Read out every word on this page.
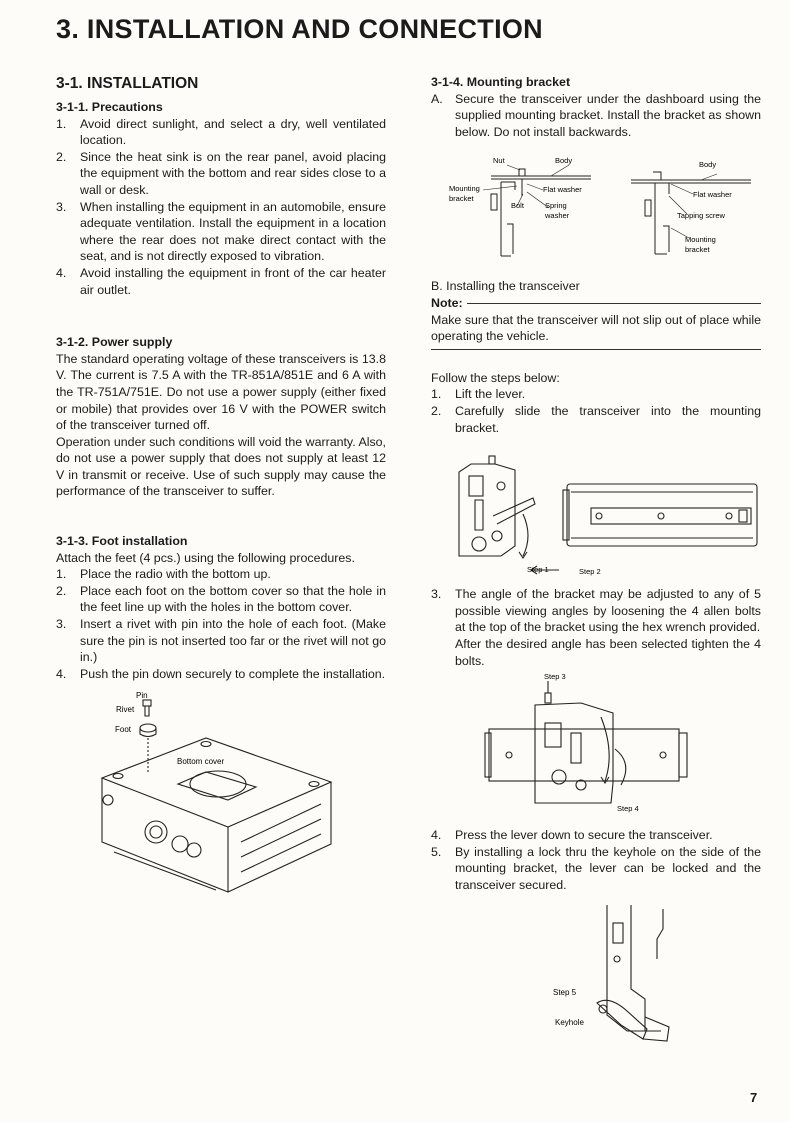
3. INSTALLATION AND CONNECTION
3-1. INSTALLATION
3-1-1. Precautions
1. Avoid direct sunlight, and select a dry, well ventilated location.
2. Since the heat sink is on the rear panel, avoid placing the equipment with the bottom and rear sides close to a wall or desk.
3. When installing the equipment in an automobile, ensure adequate ventilation. Install the equipment in a location where the rear does not make direct contact with the seat, and is not directly exposed to vibration.
4. Avoid installing the equipment in front of the car heater air outlet.
3-1-2. Power supply

The standard operating voltage of these transceivers is 13.8 V. The current is 7.5 A with the TR-851A/851E and 6 A with the TR-751A/751E. Do not use a power supply (either fixed or mobile) that provides over 16 V with the POWER switch of the transceiver turned off.

Operation under such conditions will void the warranty. Also, do not use a power supply that does not supply at least 12 V in transmit or receive. Use of such supply may cause the performance of the transceiver to suffer.

3-1-3. Foot installation

Attach the feet (4 pcs.) using the following procedures.

1. Place the radio with the bottom up.
2. Place each foot on the bottom cover so that the hole in the feet line up with the holes in the bottom cover.
3. Insert a rivet with pin into the hole of each foot. (Make sure the pin is not inserted too far or the rivet will not go in.)
4. Push the pin down securely to complete the installation.
Pin
Rivet
Foot
Bottom cover
3-1-4. Mounting bracket
A. Secure the transceiver under the dashboard using the supplied mounting bracket. Install the bracket as shown below. Do not install backwards.
Nut	Body
Mounting
bracket
Flat washer
Bolt	Spring
washer
Body
Flat washer
Tapping screw
Mounting
bracket

B. Installing the transceiver

Note:

Make sure that the transceiver will not slip out of place while operating the vehicle.

Follow the steps below:

1. Lift the lever.
2. Carefully slide the transceiver into the mounting bracket.
Step 1	Step 2
3. The angle of the bracket may be adjusted to any of 5 possible viewing angles by loosening the 4 allen bolts at the top of the bracket using the hex wrench provided.
After the desired angle has been selected tighten the 4 bolts.
Step 3
Step 4
4. Press the lever down to secure the transceiver.
5. By installing a lock thru the keyhole on the side of the mounting bracket, the lever can be locked and the transceiver secured.
Step 5
Keyhole
7
